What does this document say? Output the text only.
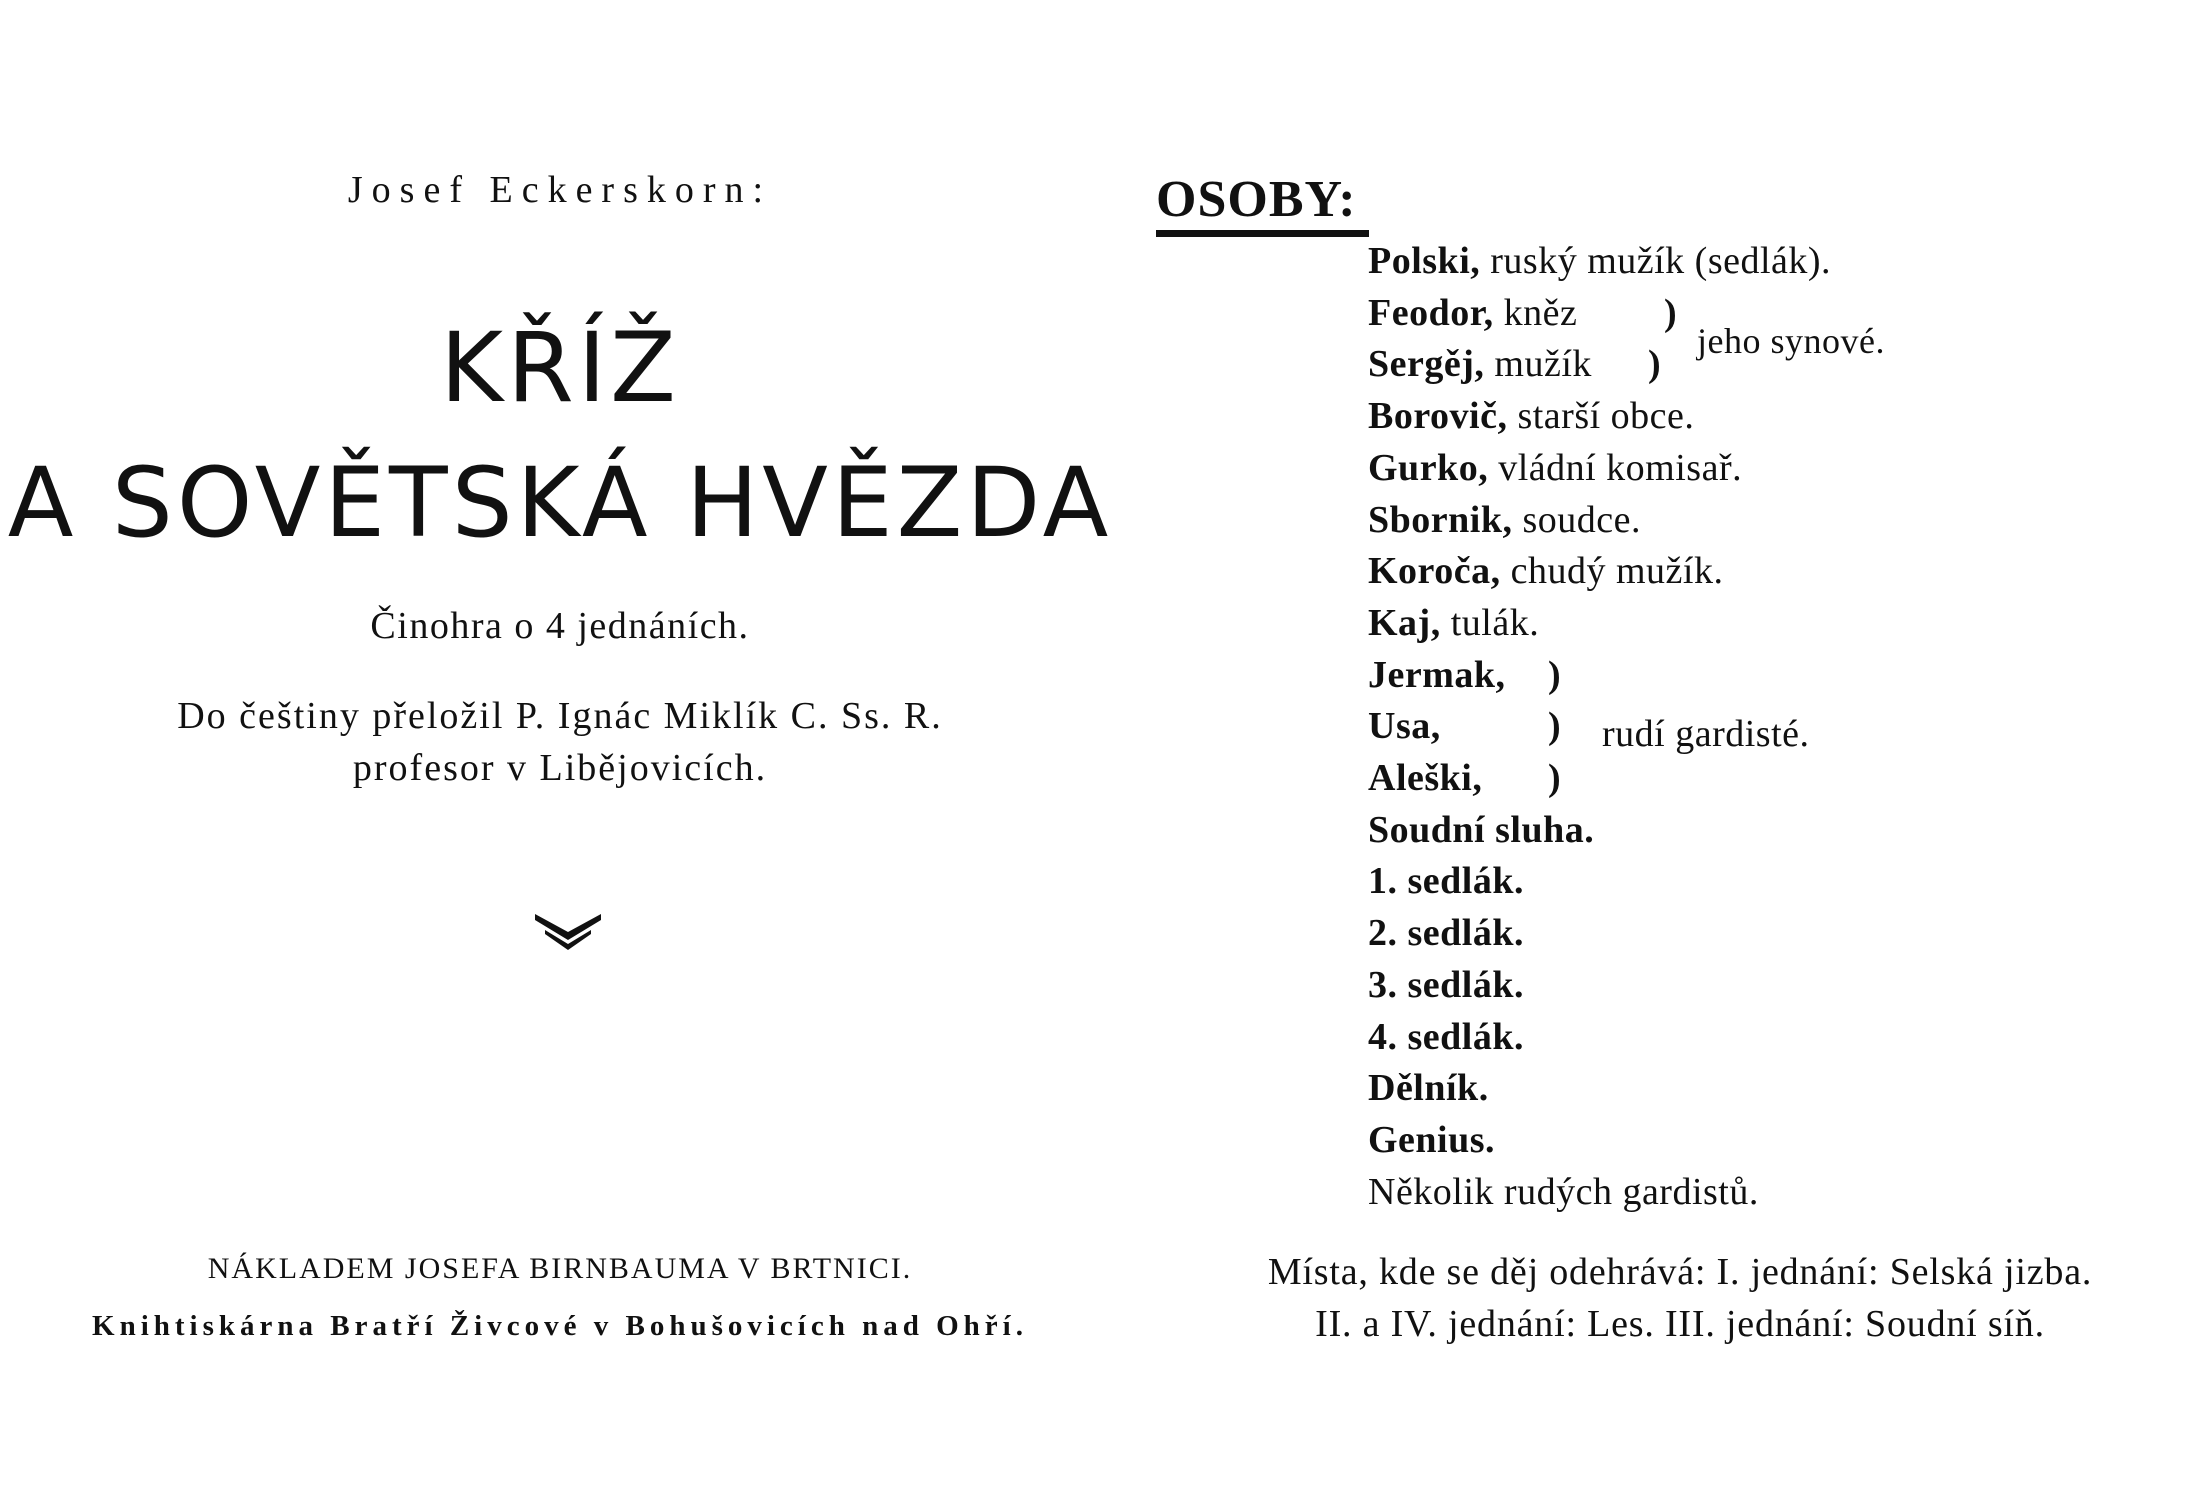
Josef Eckerskorn:
KŘÍŽ
A SOVĚTSKÁ HVĚZDA
Činohra o 4 jednáních.
Do češtiny přeložil P. Ignác Miklík C. Ss. R.
profesor v Libějovicích.
NÁKLADEM JOSEFA BIRNBAUMA V BRTNICI.
Knihtiskárna Bratří Živcové v Bohušovicích nad Ohří.
OSOBY:
Polski, ruský mužík (sedlák).
Feodor, kněz )
Sergěj, mužík )
Borovič, starší obce.
Gurko, vládní komisař.
Sbornik, soudce.
Koroča, chudý mužík.
Kaj, tulák.
Jermak, )
Usa,	)
Aleški, )
Soudní sluha.
1. sedlák.
2. sedlák.
3. sedlák.
4. sedlák.
Dělník.
Genius.
Několik rudých gardistů.
jeho synové.
rudí gardisté.
Místa, kde se děj odehrává: I. jednání: Selská jizba.
II. a IV. jednání: Les. III. jednání: Soudní síň.
